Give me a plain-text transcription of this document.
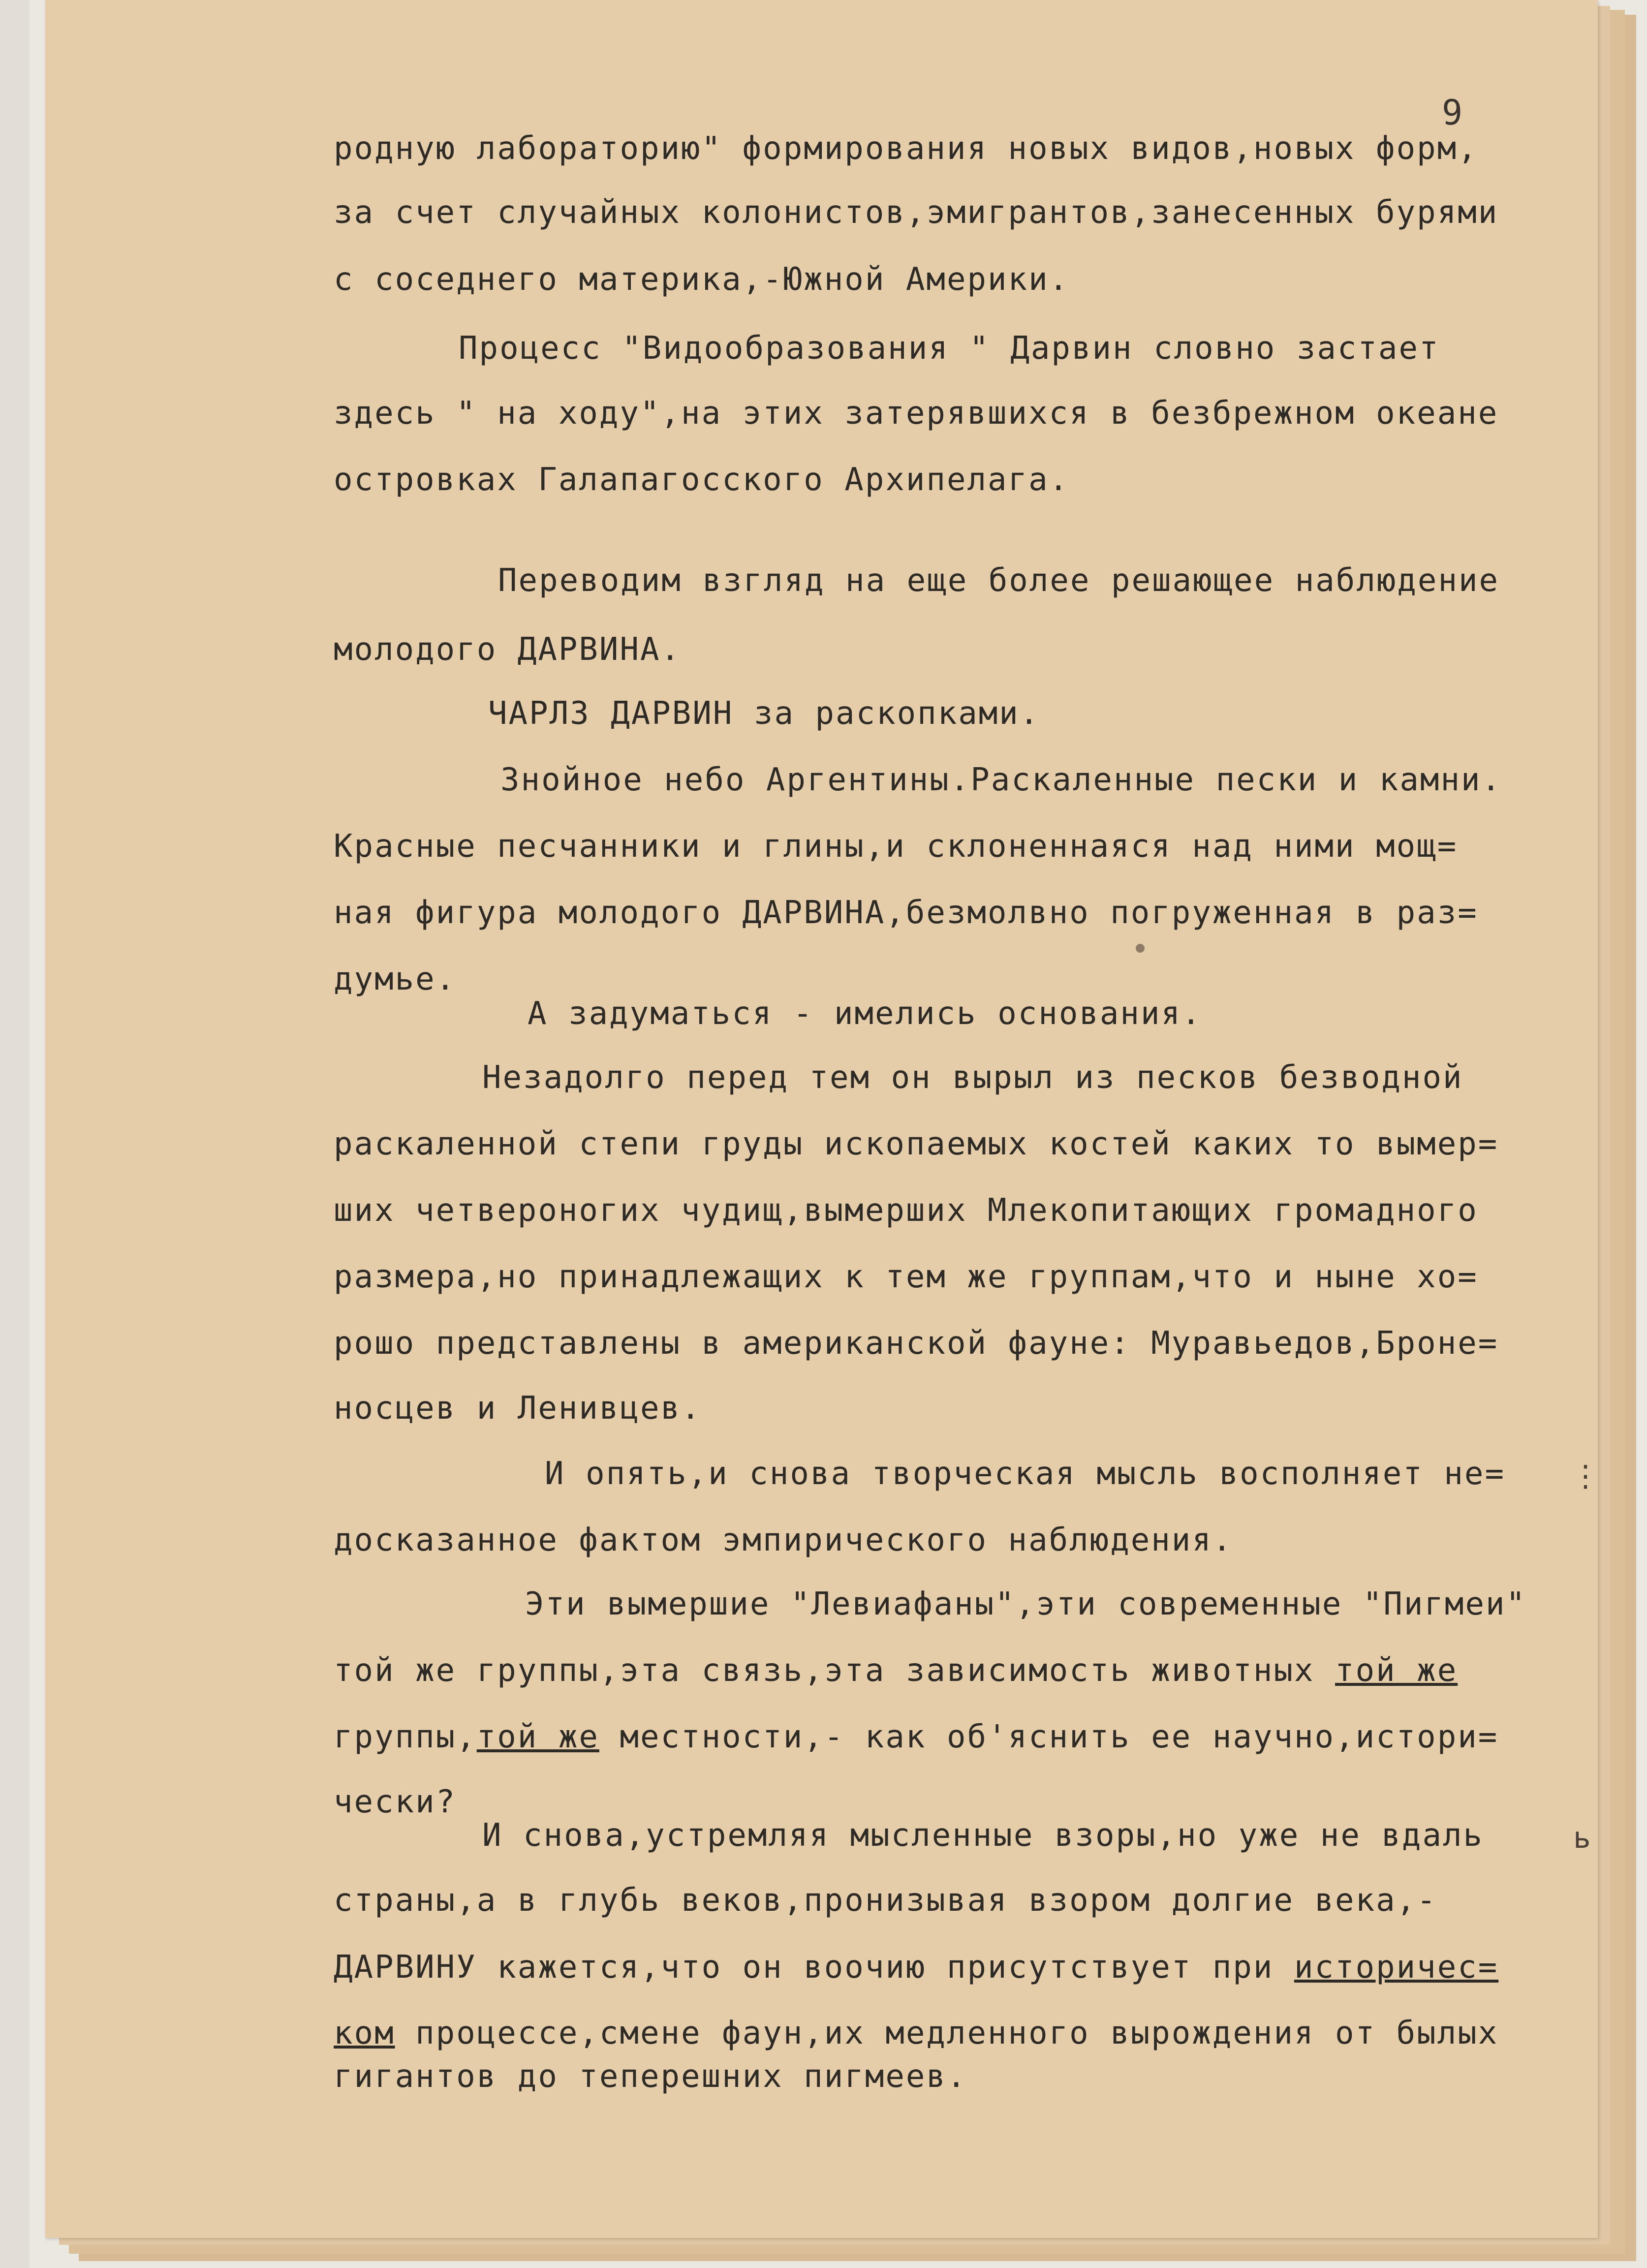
9

родную лабораторию" формирования новых видов,новых форм,

за счет случайных колонистов,эмигрантов,занесенных бурями

с соседнего материка,-Южной Америки.

Процесс "Видообразования " Дарвин словно застает

здесь " на ходу",на этих затерявшихся в безбрежном океане

островках Галапагосского Архипелага.

Переводим взгляд на еще более решающее наблюдение

молодого ДАРВИНА.

ЧАРЛЗ ДАРВИН за раскопками.

Знойное небо Аргентины.Раскаленные пески и камни.

Красные песчанники и глины,и склоненнаяся над ними мощ=

ная фигура молодого ДАРВИНА,безмолвно погруженная в раз=

думье.

А задуматься - имелись основания.

Незадолго перед тем он вырыл из песков безводной

раскаленной степи груды ископаемых костей каких то вымер=

ших четвероногих чудищ,вымерших Млекопитающих громадного

размера,но принадлежащих к тем же группам,что и ныне хо=

рошо представлены в американской фауне: Муравьедов,Броне=

носцев и Ленивцев.

И опять,и снова творческая мысль восполняет не=

досказанное фактом эмпирического наблюдения.

Эти вымершие "Левиафаны",эти современные "Пигмеи"

той же группы,эта связь,эта зависимость животных той же

группы,той же местности,- как об'яснить ее научно,истори=

чески?

И снова,устремляя мысленные взоры,но уже не вдаль

страны,а в глубь веков,пронизывая взором долгие века,-

ДАРВИНУ кажется,что он воочию присутствует при историчес=

ком процессе,смене фаун,их медленного вырождения от былых

гигантов до теперешних пигмеев.

⋮
ь
